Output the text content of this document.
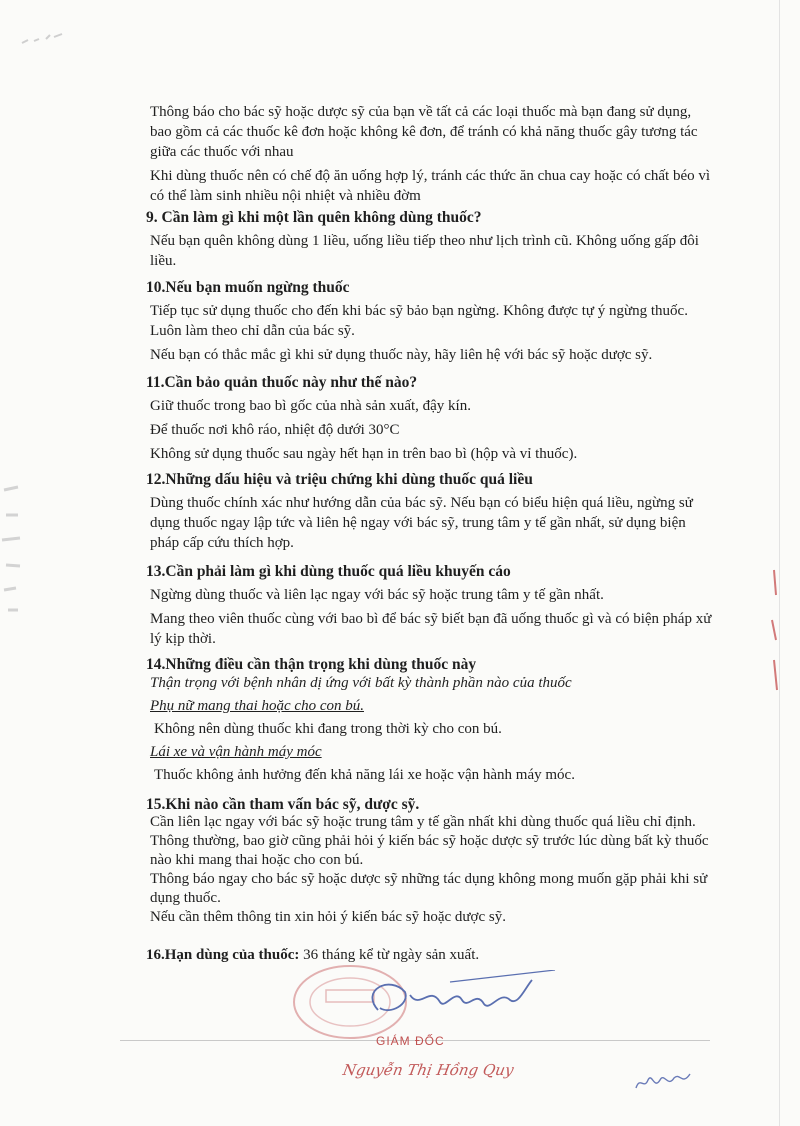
Thông báo cho bác sỹ hoặc dược sỹ của bạn về tất cả các loại thuốc mà bạn đang sử dụng, bao gồm cả các thuốc kê đơn hoặc không kê đơn, để tránh có khả năng thuốc gây tương tác giữa các thuốc với nhau

Khi dùng thuốc nên có chế độ ăn uống hợp lý, tránh các thức ăn chua cay hoặc có chất béo vì có thể làm sinh nhiều nội nhiệt và nhiều đờm

9. Cần làm gì khi một lần quên không dùng thuốc?

Nếu bạn quên không dùng 1 liều, uống liều tiếp theo như lịch trình cũ. Không uống gấp đôi liều.

10.Nếu bạn muốn ngừng thuốc

Tiếp tục sử dụng thuốc cho đến khi bác sỹ bảo bạn ngừng. Không được tự ý ngừng thuốc. Luôn làm theo chỉ dẫn của bác sỹ.

Nếu bạn có thắc mắc gì khi sử dụng thuốc này, hãy liên hệ với bác sỹ hoặc dược sỹ.

11.Cần bảo quản thuốc này như thế nào?

Giữ thuốc trong bao bì gốc của nhà sản xuất, đậy kín.

Để thuốc nơi khô ráo, nhiệt độ dưới 30°C

Không sử dụng thuốc sau ngày hết hạn in trên bao bì (hộp và vỉ thuốc).

12.Những dấu hiệu và triệu chứng khi dùng thuốc quá liều

Dùng thuốc chính xác như hướng dẫn của bác sỹ. Nếu bạn có biểu hiện quá liều, ngừng sử dụng thuốc ngay lập tức và liên hệ ngay với bác sỹ, trung tâm y tế gần nhất, sử dụng biện pháp cấp cứu thích hợp.

13.Cần phải làm gì khi dùng thuốc quá liều khuyến cáo

Ngừng dùng thuốc và liên lạc ngay với bác sỹ hoặc trung tâm y tế gần nhất.

Mang theo viên thuốc cùng với bao bì để bác sỹ biết bạn đã uống thuốc gì và có biện pháp xử lý kịp thời.

14.Những điều cần thận trọng khi dùng thuốc này

Thận trọng với bệnh nhân dị ứng với bất kỳ thành phần nào của thuốc

Phụ nữ mang thai hoặc cho con bú.

Không nên dùng thuốc khi đang trong thời kỳ cho con bú.

Lái xe và vận hành máy móc

Thuốc không ảnh hưởng đến khả năng lái xe hoặc vận hành máy móc.

15.Khi nào cần tham vấn bác sỹ, dược sỹ.

Cần liên lạc ngay với bác sỹ hoặc trung tâm y tế gần nhất khi dùng thuốc quá liều chỉ định.

Thông thường, bao giờ cũng phải hỏi ý kiến bác sỹ hoặc dược sỹ trước lúc dùng bất kỳ thuốc nào khi mang thai hoặc cho con bú.

Thông báo ngay cho bác sỹ hoặc dược sỹ những tác dụng không mong muốn gặp phải khi sử dụng thuốc.

Nếu cần thêm thông tin xin hỏi ý kiến bác sỹ hoặc dược sỹ.

16.Hạn dùng của thuốc: 36 tháng kể từ ngày sản xuất.
GIÁM ĐỐC
Nguyễn Thị Hồng Quy
